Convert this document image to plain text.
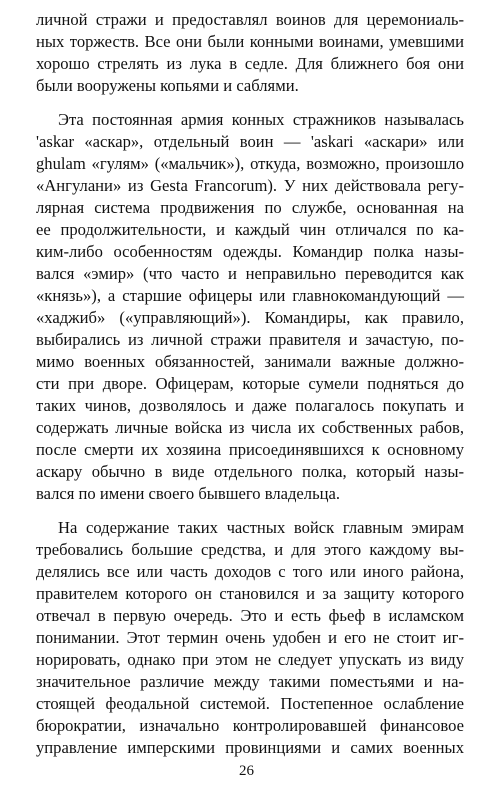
личной стражи и предоставлял воинов для церемониаль-
ных торжеств. Все они были конными воинами, умевшими
хорошо стрелять из лука в седле. Для ближнего боя они
были вооружены копьями и саблями.
Эта постоянная армия конных стражников называлась
'askar «аскар», отдельный воин — 'askari «аскари» или
ghulam «гулям» («мальчик»), откуда, возможно, произошло
«Ангулани» из Gesta Francorum). У них действовала регу-
лярная система продвижения по службе, основанная на
ее продолжительности, и каждый чин отличался по ка-
ким-либо особенностям одежды. Командир полка назы-
вался «эмир» (что часто и неправильно переводится как
«князь»), а старшие офицеры или главнокомандующий —
«хаджиб» («управляющий»). Командиры, как правило,
выбирались из личной стражи правителя и зачастую, по-
мимо военных обязанностей, занимали важные должно-
сти при дворе. Офицерам, которые сумели подняться до
таких чинов, дозволялось и даже полагалось покупать и
содержать личные войска из числа их собственных рабов,
после смерти их хозяина присоединявшихся к основному
аскару обычно в виде отдельного полка, который назы-
вался по имени своего бывшего владельца.
На содержание таких частных войск главным эмирам
требовались большие средства, и для этого каждому вы-
делялись все или часть доходов с того или иного района,
правителем которого он становился и за защиту которого
отвечал в первую очередь. Это и есть фьеф в исламском
понимании. Этот термин очень удобен и его не стоит иг-
норировать, однако при этом не следует упускать из виду
значительное различие между такими поместьями и на-
стоящей феодальной системой. Постепенное ослабление
бюрократии, изначально контролировавшей финансовое
управление имперскими провинциями и самих военных
26
